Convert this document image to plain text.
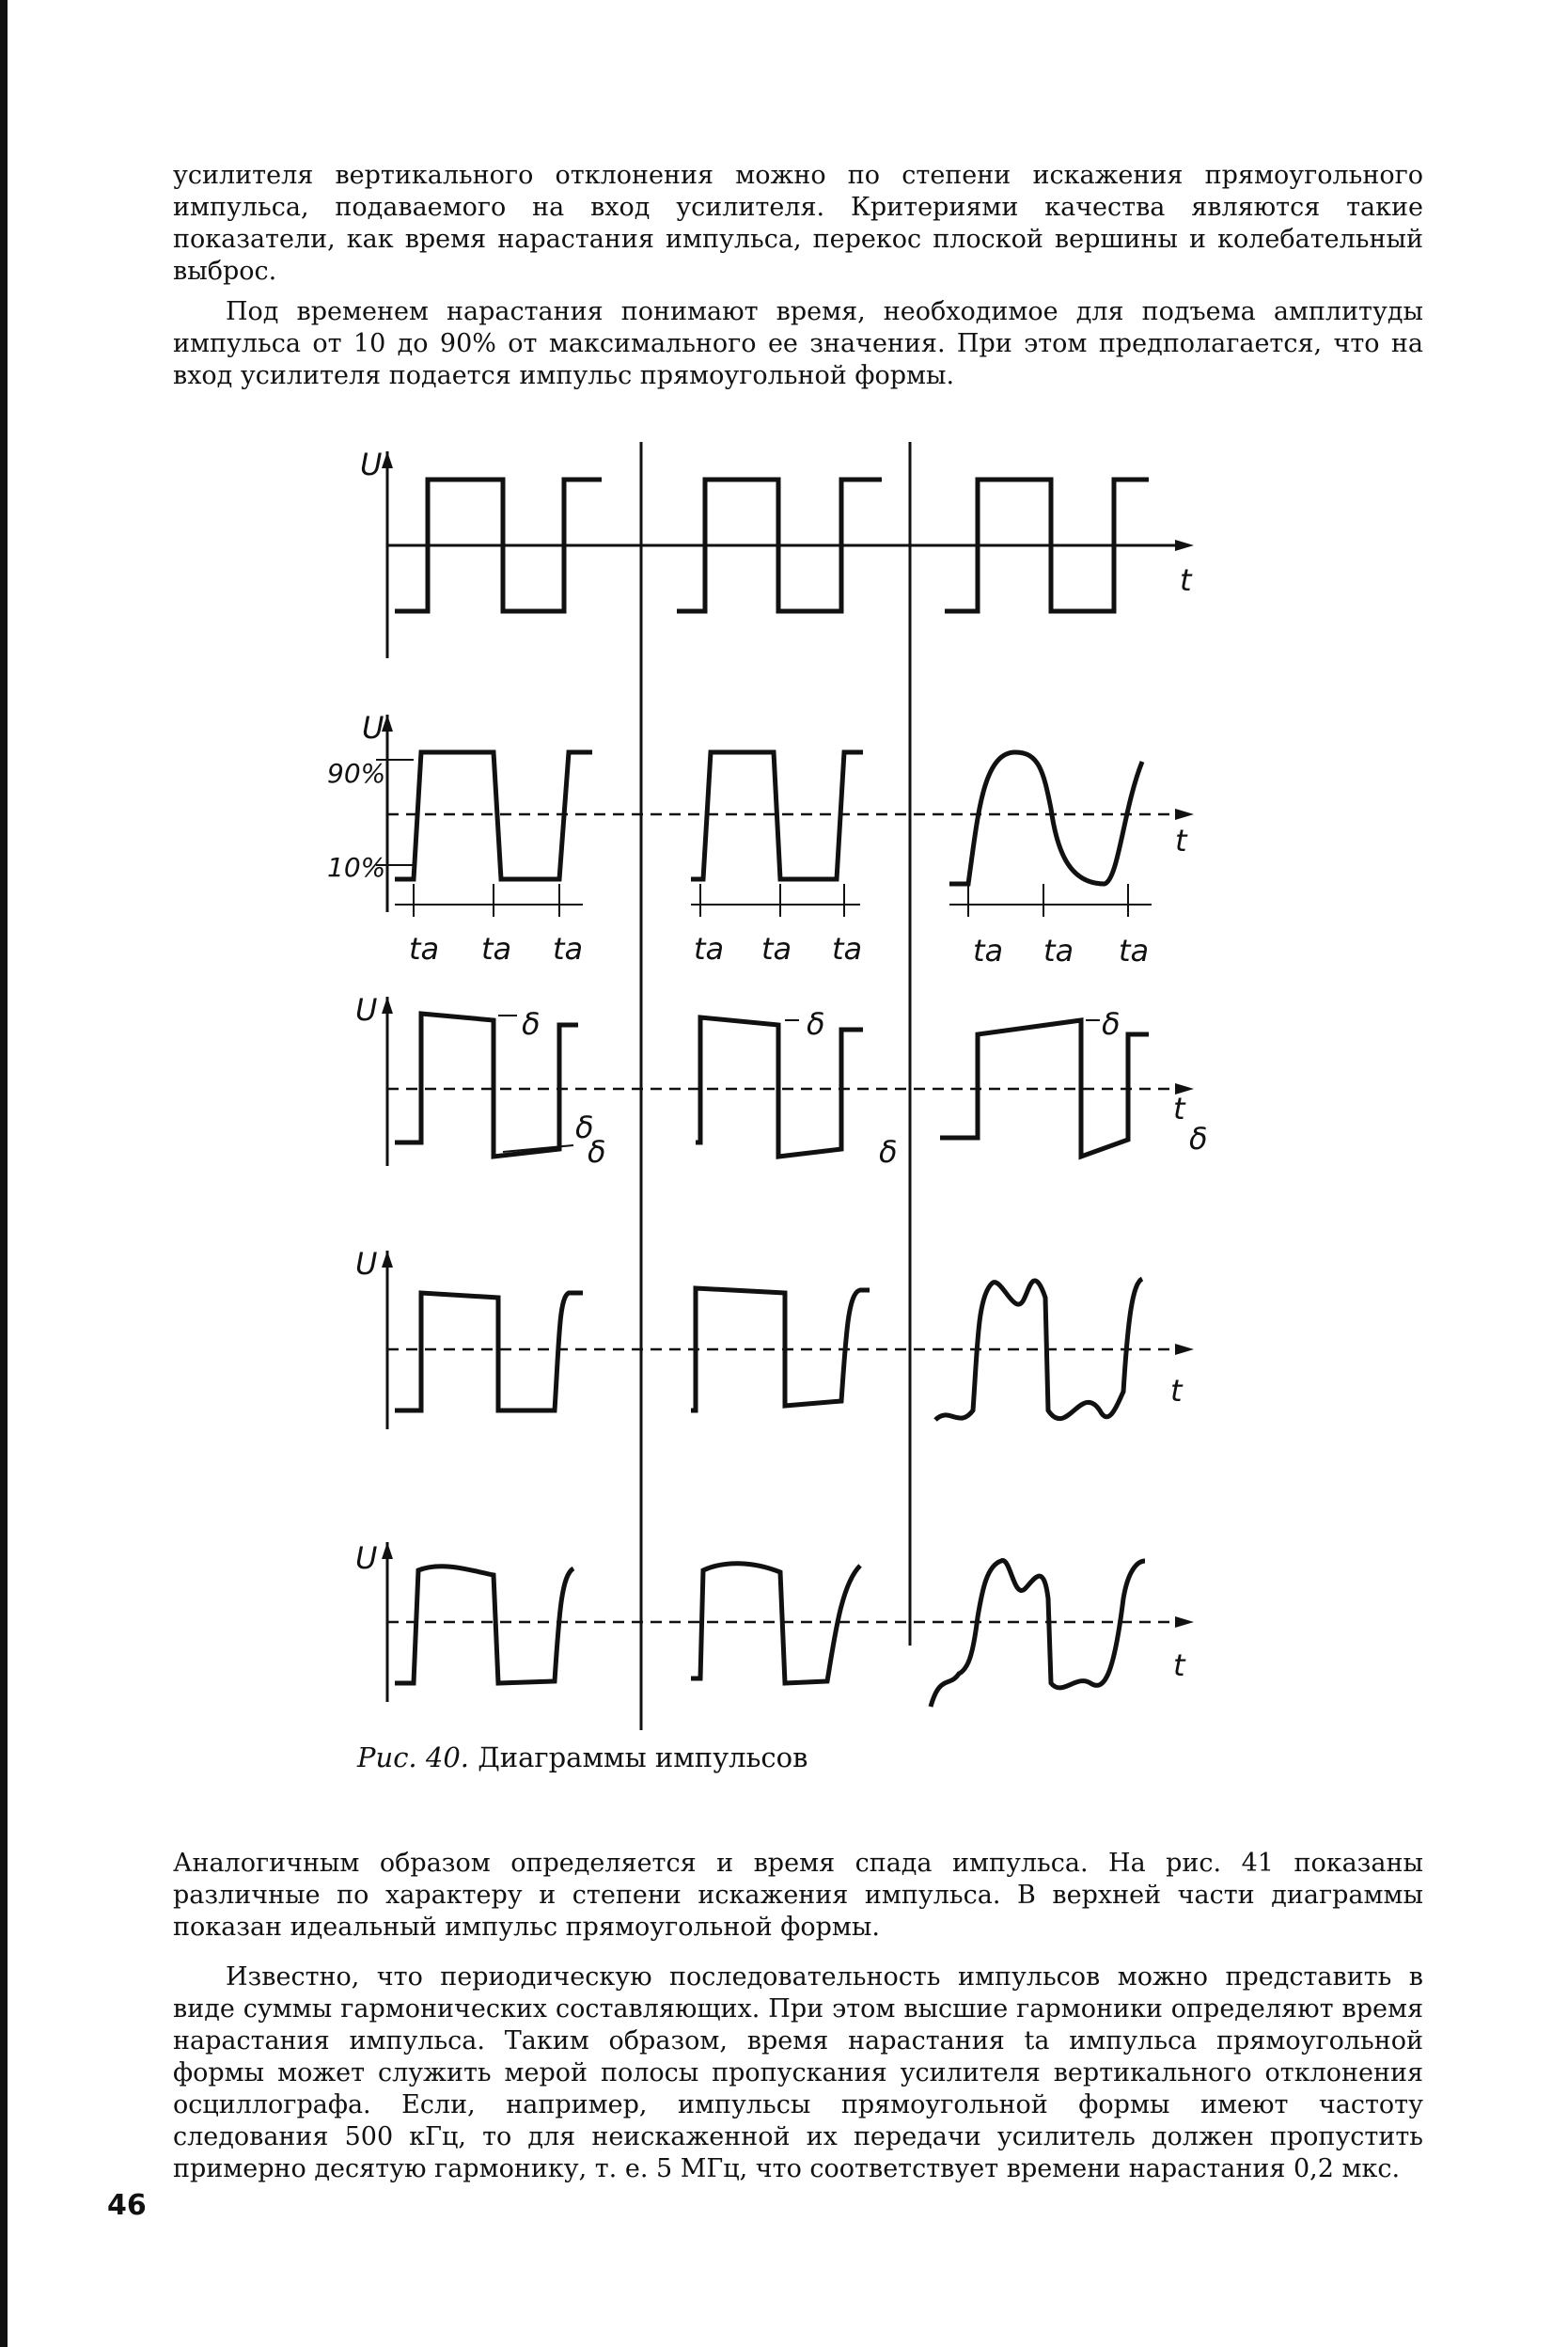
усилителя вертикального отклонения можно по степени искажения прямоугольного импульса, подаваемого на вход усилителя. Критериями качества являются такие показатели, как время нарастания импульса, перекос плоской вершины и колебательный выброс.

Под временем нарастания понимают время, необходимое для подъема амплитуды импульса от 10 до 90% от максимального ее значения. При этом предполагается, что на вход усилителя подается импульс прямоугольной формы.

U
t
U
90%
10%
t
tа tа tа	tа tа tа	tа tа tа
U	δ	δ	δ
δ
δ	δ	δ
t
U
t
U
t
Рис. 40. Диаграммы импульсов

Аналогичным образом определяется и время спада импульса. На рис. 41 показаны различные по характеру и степени искажения импульса. В верхней части диаграммы показан идеальный импульс прямоугольной формы.

Известно, что периодическую последовательность импульсов можно представить в виде суммы гармонических составляющих. При этом высшие гармоники определяют время нарастания импульса. Таким образом, время нарастания tа импульса прямоугольной формы может служить мерой полосы пропускания усилителя вертикального отклонения осциллографа. Если, например, импульсы прямоугольной формы имеют частоту следования 500 кГц, то для неискаженной их передачи усилитель должен пропустить примерно десятую гармонику, т. е. 5 МГц, что соответствует времени нарастания 0,2 мкс.

46
